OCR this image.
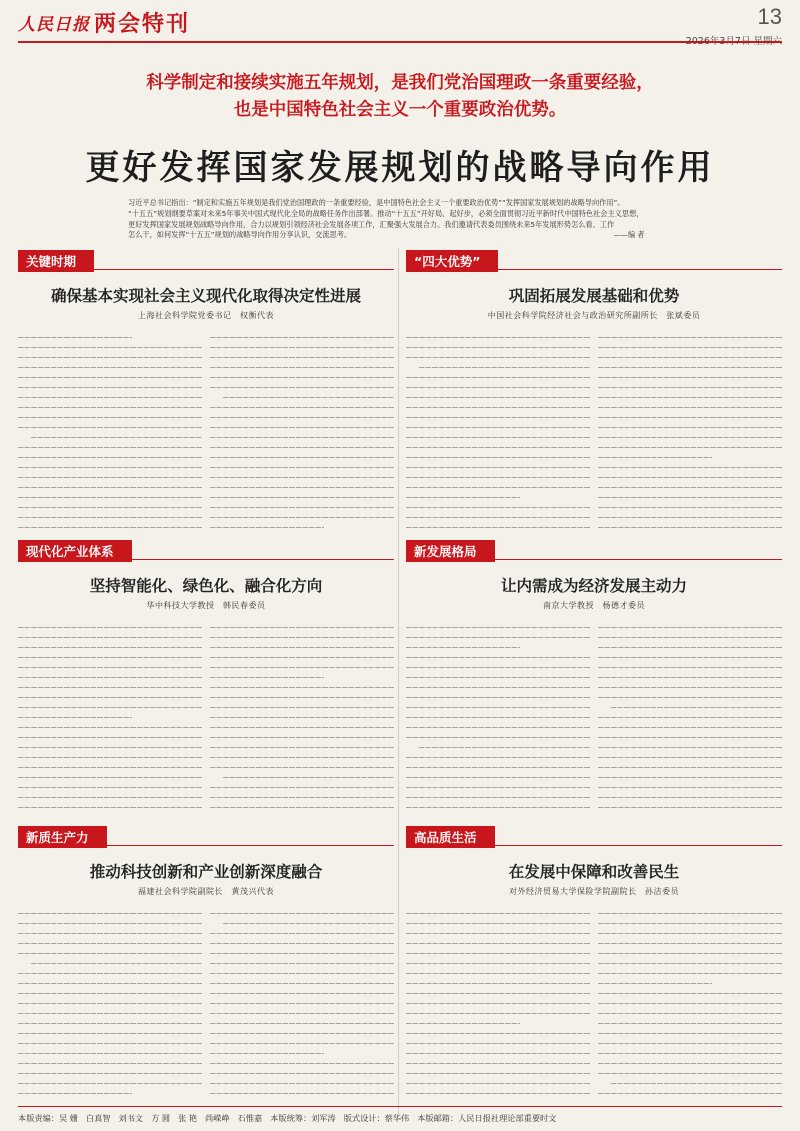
人民日报 两会特刊	13

科学制定和接续实施五年规划，是我们党治国理政一条重要经验，

也是中国特色社会主义一个重要政治优势。

更好发挥国家发展规划的战略导向作用
习近平总书记指出：“制定和实施五年规划是我们党治国理政的一条重要经验，是中国特色社会主义一个重要政治优势”“发挥国家发展规划的战略导向作用”。
“十五五”规划纲要草案对未来5年事关中国式现代化全局的战略任务作出部署。推动“十五五”开好局、起好步，必须全面贯彻习近平新时代中国特色社会主义思想，
更好发挥国家发展规划战略导向作用，合力以规划引领经济社会发展各项工作，汇聚强大发展合力。我们邀请代表委员围绕未来5年发展形势怎么看、工作
怎么干，如何发挥“十五五”规划的战略导向作用分享认识，交流思考。　　　　　　　　　　　　　　　　　　　　　　　　　　　　　　　　　　　　　	——编 者
关键时期
确保基本实现社会主义现代化取得决定性进展
上海社会科学院党委书记　权衡代表
“四大优势”
巩固拓展发展基础和优势
中国社会科学院经济社会与政治研究所副所长　张斌委员
现代化产业体系
坚持智能化、绿色化、融合化方向
华中科技大学教授　韩民春委员
新发展格局
让内需成为经济发展主动力
南京大学教授　杨德才委员
新质生产力
推动科技创新和产业创新深度融合
福建社会科学院副院长　黄茂兴代表
高品质生活
在发展中保障和改善民生
对外经济贸易大学保险学院副院长　孙洁委员
本版责编：吴 姗 白真智 刘书文 方 圆 张 艳 尚嵘峥 石惟嘉 本版统筹：刘军涛 版式设计：蔡华伟 本版邮箱：人民日报社理论部重要时文
